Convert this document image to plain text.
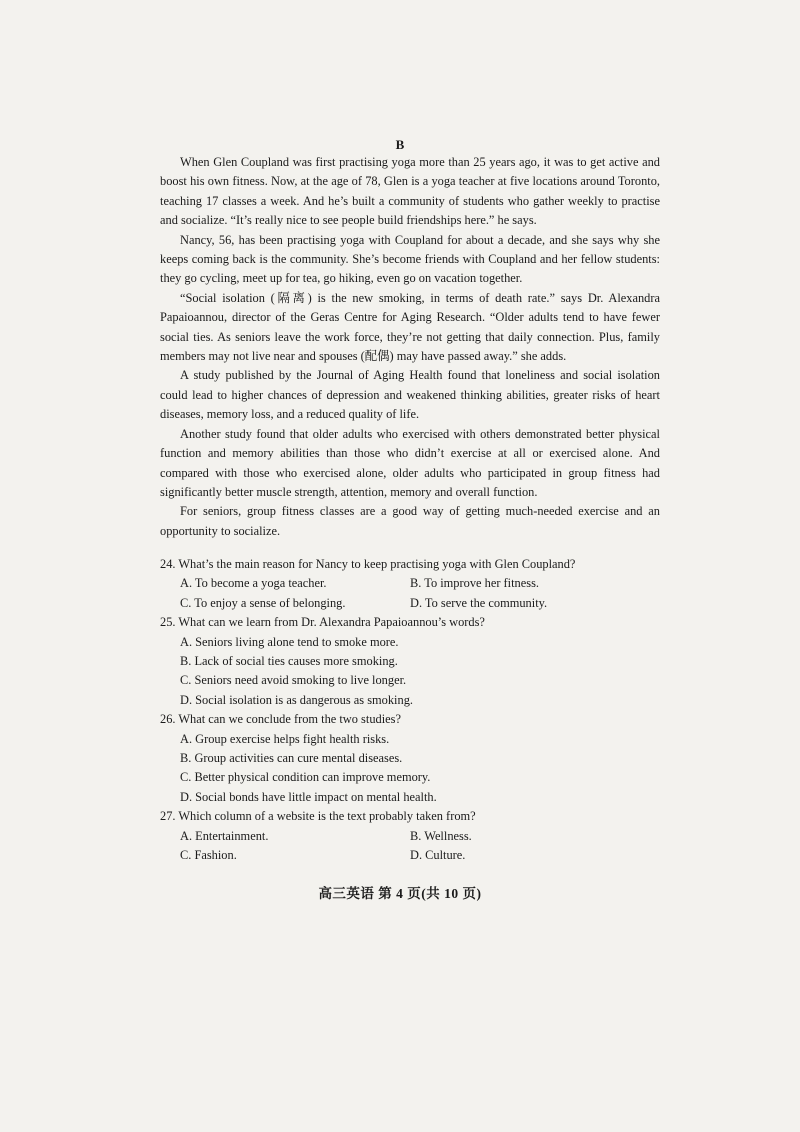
B

When Glen Coupland was first practising yoga more than 25 years ago, it was to get active and boost his own fitness. Now, at the age of 78, Glen is a yoga teacher at five locations around Toronto, teaching 17 classes a week. And he’s built a community of students who gather weekly to practise and socialize. “It’s really nice to see people build friendships here.” he says.

Nancy, 56, has been practising yoga with Coupland for about a decade, and she says why she keeps coming back is the community. She’s become friends with Coupland and her fellow students: they go cycling, meet up for tea, go hiking, even go on vacation together.

“Social isolation (隔离) is the new smoking, in terms of death rate.” says Dr. Alexandra Papaioannou, director of the Geras Centre for Aging Research. “Older adults tend to have fewer social ties. As seniors leave the work force, they’re not getting that daily connection. Plus, family members may not live near and spouses (配偶) may have passed away.” she adds.

A study published by the Journal of Aging Health found that loneliness and social isolation could lead to higher chances of depression and weakened thinking abilities, greater risks of heart diseases, memory loss, and a reduced quality of life.

Another study found that older adults who exercised with others demonstrated better physical function and memory abilities than those who didn’t exercise at all or exercised alone. And compared with those who exercised alone, older adults who participated in group fitness had significantly better muscle strength, attention, memory and overall function.

For seniors, group fitness classes are a good way of getting much-needed exercise and an opportunity to socialize.

24. What’s the main reason for Nancy to keep practising yoga with Glen Coupland?

A. To become a yoga teacher.	B. To improve her fitness.

C. To enjoy a sense of belonging.	D. To serve the community.

25. What can we learn from Dr. Alexandra Papaioannou’s words?

A. Seniors living alone tend to smoke more.

B. Lack of social ties causes more smoking.

C. Seniors need avoid smoking to live longer.

D. Social isolation is as dangerous as smoking.

26. What can we conclude from the two studies?

A. Group exercise helps fight health risks.

B. Group activities can cure mental diseases.

C. Better physical condition can improve memory.

D. Social bonds have little impact on mental health.

27. Which column of a website is the text probably taken from?

A. Entertainment.	B. Wellness.

C. Fashion.	D. Culture.

高三英语 第 4 页(共 10 页)
